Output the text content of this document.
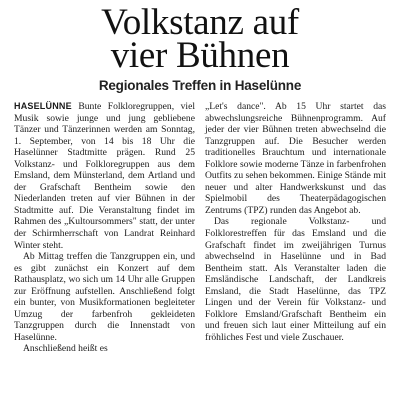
Volkstanz auf
vier Bühnen
Regionales Treffen in Haselünne

HASELÜNNE Bunte Folkloregruppen, viel Musik sowie junge und jung gebliebene Tänzer und Tänzerinnen werden am Sonntag, 1. September, von 14 bis 18 Uhr die Haselünner Stadtmitte prägen. Rund 25 Volkstanz- und Folkloregruppen aus dem Emsland, dem Münsterland, dem Artland und der Grafschaft Bentheim sowie den Niederlanden treten auf vier Bühnen in der Stadtmitte auf. Die Veranstaltung findet im Rahmen des „Kultoursommers" statt, der unter der Schirmherrschaft von Landrat Reinhard Winter steht.

Ab Mittag treffen die Tanzgruppen ein, und es gibt zunächst ein Konzert auf dem Rathausplatz, wo sich um 14 Uhr alle Gruppen zur Eröffnung aufstellen. Anschließend folgt ein bunter, von Musikformationen begleiteter Umzug der farbenfroh gekleideten Tanzgruppen durch die Innenstadt von Haselünne.

Anschließend heißt es

„Let's dance". Ab 15 Uhr startet das abwechslungsreiche Bühnenprogramm. Auf jeder der vier Bühnen treten abwechselnd die Tanzgruppen auf. Die Besucher werden traditionelles Brauchtum und internationale Folklore sowie moderne Tänze in farbenfrohen Outfits zu sehen bekommen. Einige Stände mit neuer und alter Handwerkskunst und das Spielmobil des Theaterpädagogischen Zentrums (TPZ) runden das Angebot ab.

Das regionale Volkstanz- und Folklorestreffen für das Emsland und die Grafschaft findet im zweijährigen Turnus abwechselnd in Haselünne und in Bad Bentheim statt. Als Veranstalter laden die Emsländische Landschaft, der Landkreis Emsland, die Stadt Haselünne, das TPZ Lingen und der Verein für Volkstanz- und Folklore Emsland/Grafschaft Bentheim ein und freuen sich laut einer Mitteilung auf ein fröhliches Fest und viele Zuschauer.
